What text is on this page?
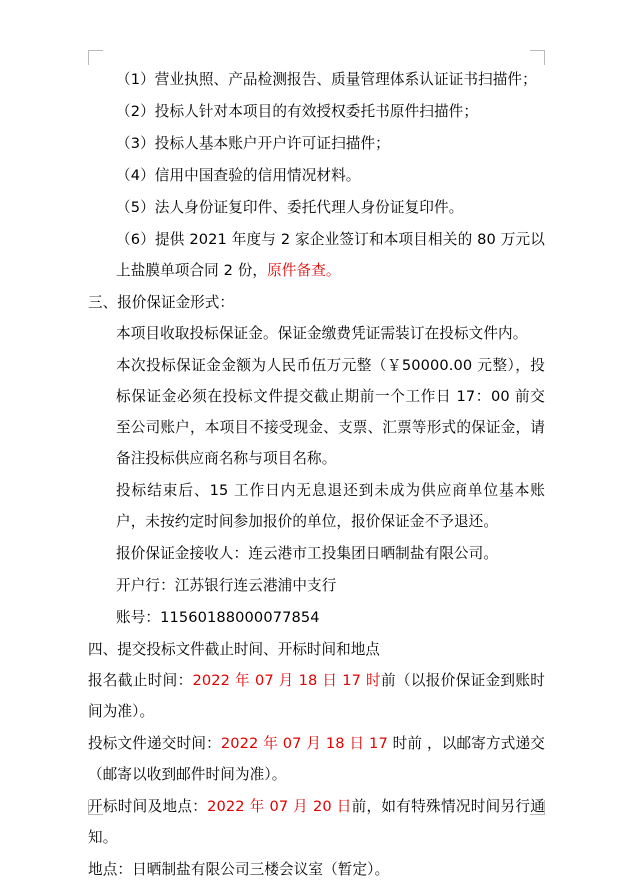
（1）营业执照、产品检测报告、质量管理体系认证证书扫描件；
（2）投标人针对本项目的有效授权委托书原件扫描件；
（3）投标人基本账户开户许可证扫描件；
（4）信用中国查验的信用情况材料。
（5）法人身份证复印件、委托代理人身份证复印件。
（6）提供 2021 年度与 2 家企业签订和本项目相关的 80 万元以上盐膜单项合同 2 份，原件备查。
三、报价保证金形式：
本项目收取投标保证金。保证金缴费凭证需装订在投标文件内。
本次投标保证金金额为人民币伍万元整（￥50000.00 元整），投标保证金必须在投标文件提交截止期前一个工作日 17：00 前交至公司账户，本项目不接受现金、支票、汇票等形式的保证金，请备注投标供应商名称与项目名称。
投标结束后、15 工作日内无息退还到未成为供应商单位基本账户，未按约定时间参加报价的单位，报价保证金不予退还。
报价保证金接收人：连云港市工投集团日晒制盐有限公司。
开户行：江苏银行连云港浦中支行
账号：11560188000077854
四、提交投标文件截止时间、开标时间和地点
报名截止时间：2022 年 07 月 18 日 17 时前（以报价保证金到账时间为准）。
投标文件递交时间：2022 年 07 月 18 日 17 时前 ，以邮寄方式递交（邮寄以收到邮件时间为准）。
开标时间及地点：2022 年 07 月 20 日前，如有特殊情况时间另行通知。
地点：日晒制盐有限公司三楼会议室（暂定）。
